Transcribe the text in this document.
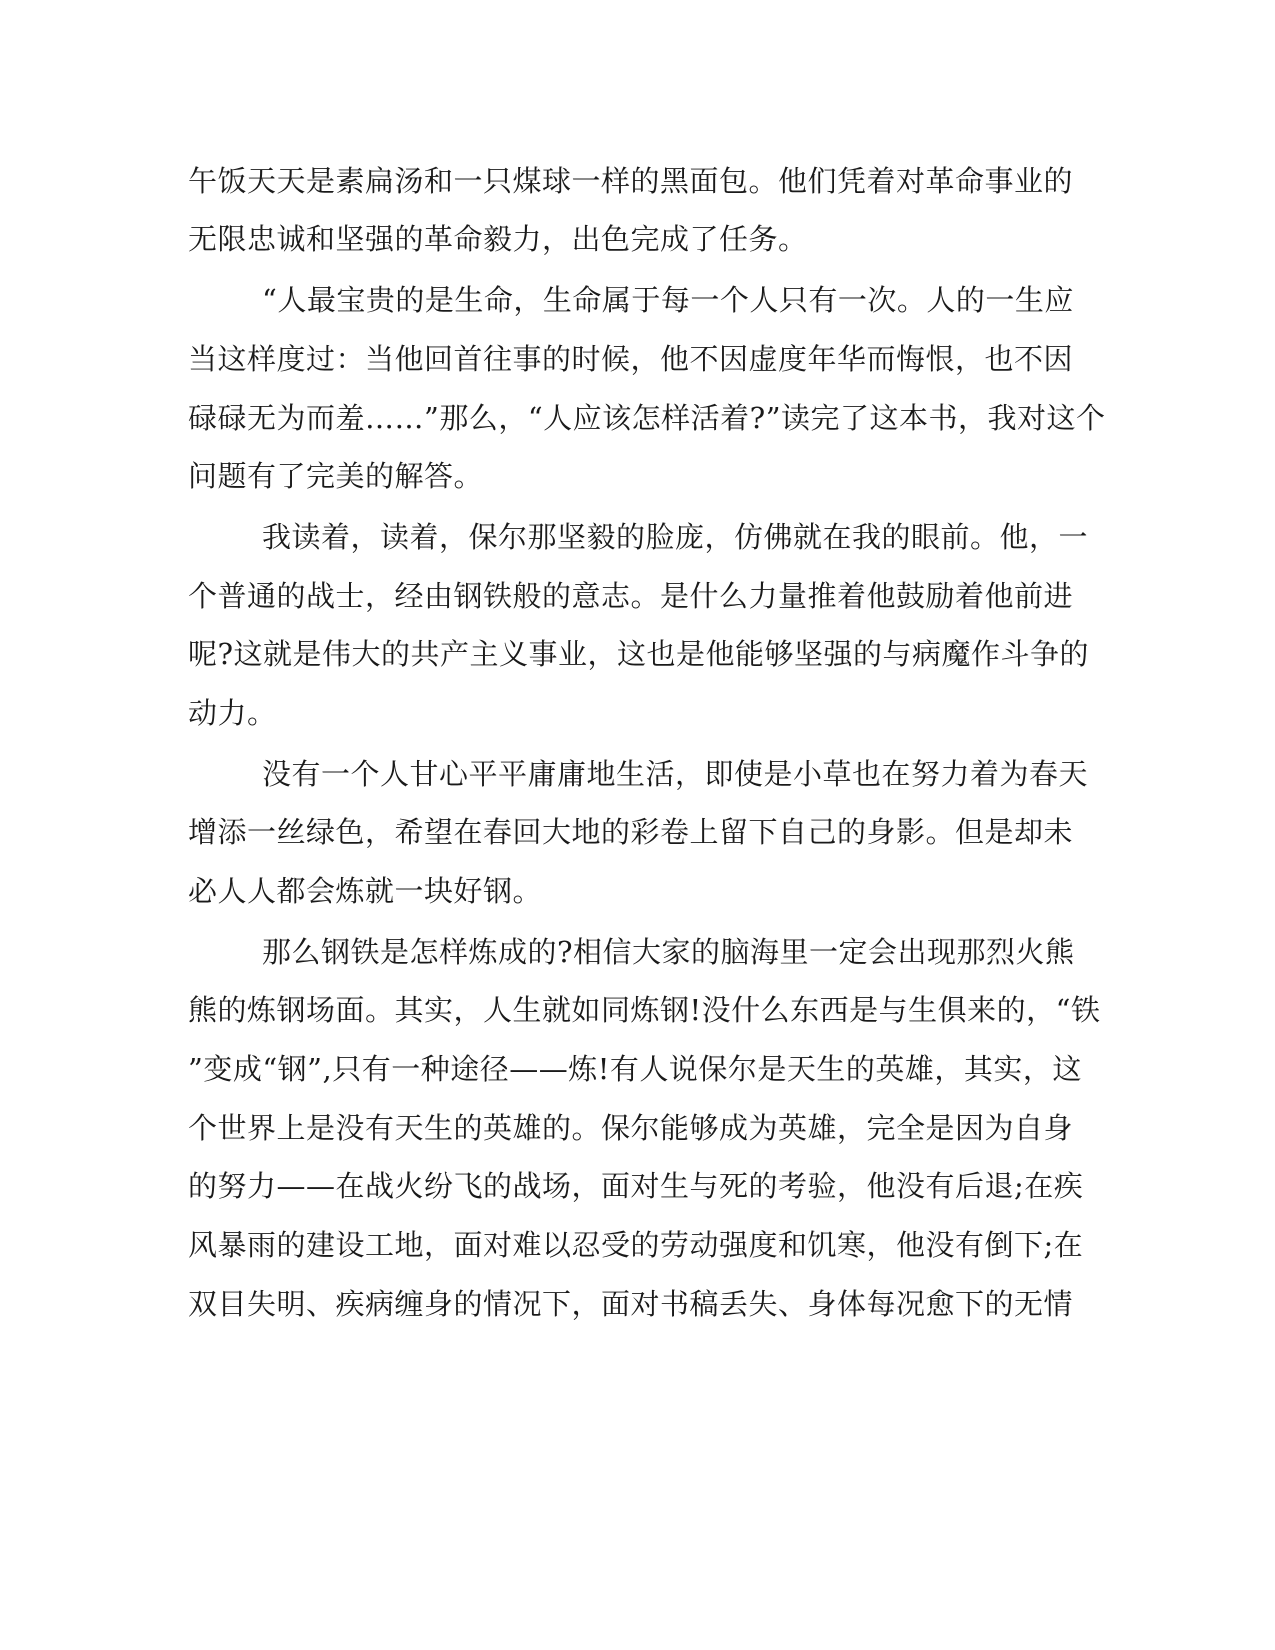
午饭天天是素扁汤和一只煤球一样的黑面包。他们凭着对革命事业的
无限忠诚和坚强的革命毅力，出色完成了任务。
“人最宝贵的是生命，生命属于每一个人只有一次。人的一生应
当这样度过：当他回首往事的时候，他不因虚度年华而悔恨，也不因
碌碌无为而羞……”那么，“人应该怎样活着?”读完了这本书，我对这个
问题有了完美的解答。
我读着，读着，保尔那坚毅的脸庞，仿佛就在我的眼前。他，一
个普通的战士，经由钢铁般的意志。是什么力量推着他鼓励着他前进
呢?这就是伟大的共产主义事业，这也是他能够坚强的与病魔作斗争的
动力。
没有一个人甘心平平庸庸地生活，即使是小草也在努力着为春天
增添一丝绿色，希望在春回大地的彩卷上留下自己的身影。但是却未
必人人都会炼就一块好钢。
那么钢铁是怎样炼成的?相信大家的脑海里一定会出现那烈火熊
熊的炼钢场面。其实，人生就如同炼钢!没什么东西是与生俱来的，“铁
”变成“钢”,只有一种途径——炼!有人说保尔是天生的英雄，其实，这
个世界上是没有天生的英雄的。保尔能够成为英雄，完全是因为自身
的努力——在战火纷飞的战场，面对生与死的考验，他没有后退;在疾
风暴雨的建设工地，面对难以忍受的劳动强度和饥寒，他没有倒下;在
双目失明、疾病缠身的情况下，面对书稿丢失、身体每况愈下的无情
